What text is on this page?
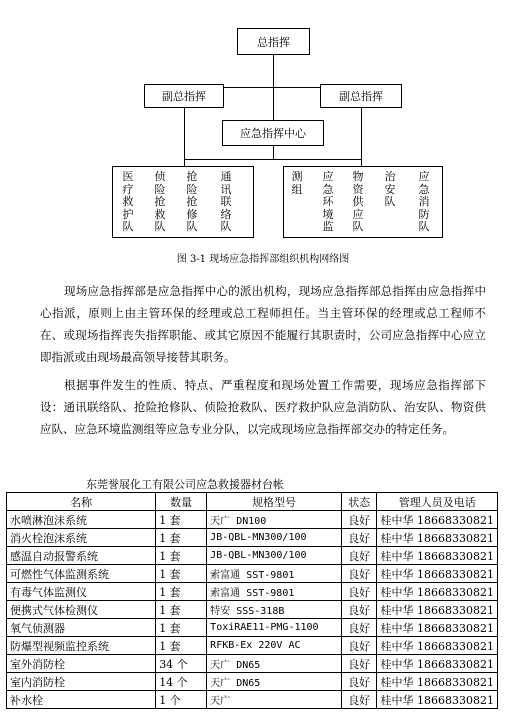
总指挥
副总指挥	副总指挥
应急指挥中心
医疗救护队
侦险抢救队
抢险抢修队
通讯联络队
测组
应急环境监
物资供应队
治安队
应急消防队
图 3-1 现场应急指挥部组织机构网络图

现场应急指挥部是应急指挥中心的派出机构，现场应急指挥部总指挥由应急指挥中心指派，原则上由主管环保的经理或总工程师担任。当主管环保的经理或总工程师不在、或现场指挥丧失指挥职能、或其它原因不能履行其职责时，公司应急指挥中心应立即指派或由现场最高领导接替其职务。

根据事件发生的性质、特点、严重程度和现场处置工作需要，现场应急指挥部下设：通讯联络队、抢险抢修队、侦险抢救队、医疗救护队应急消防队、治安队、物资供应队、应急环境监测组等应急专业分队，以完成现场应急指挥部交办的特定任务。

东莞誉展化工有限公司应急救援器材台帐
名称	数量	规格型号	状态	管理人员及电话
水喷淋泡沫系统	1 套	天广 DN100	良好	桂中华 18668330821
消火栓泡沫系统	1 套	JB-QBL-MN300/100	良好	桂中华 18668330821
感温自动报警系统	1 套	JB-QBL-MN300/100	良好	桂中华 18668330821
可燃性气体监测系统	1 套	索富通 SST-9801	良好	桂中华 18668330821
有毒气体监测仪	1 套	索富通 SST-9801	良好	桂中华 18668330821
便携式气体检测仪	1 套	特安 SSS-318B	良好	桂中华 18668330821
氧气侦测器	1 套	ToxiRAE11-PMG-1100	良好	桂中华 18668330821
防爆型视频监控系统	1 套	RFKB-Ex 220V AC	良好	桂中华 18668330821
室外消防栓	34 个	天广 DN65	良好	桂中华 18668330821
室内消防栓	14 个	天广 DN65	良好	桂中华 18668330821
补水栓	1 个	天广	良好	桂中华 18668330821
